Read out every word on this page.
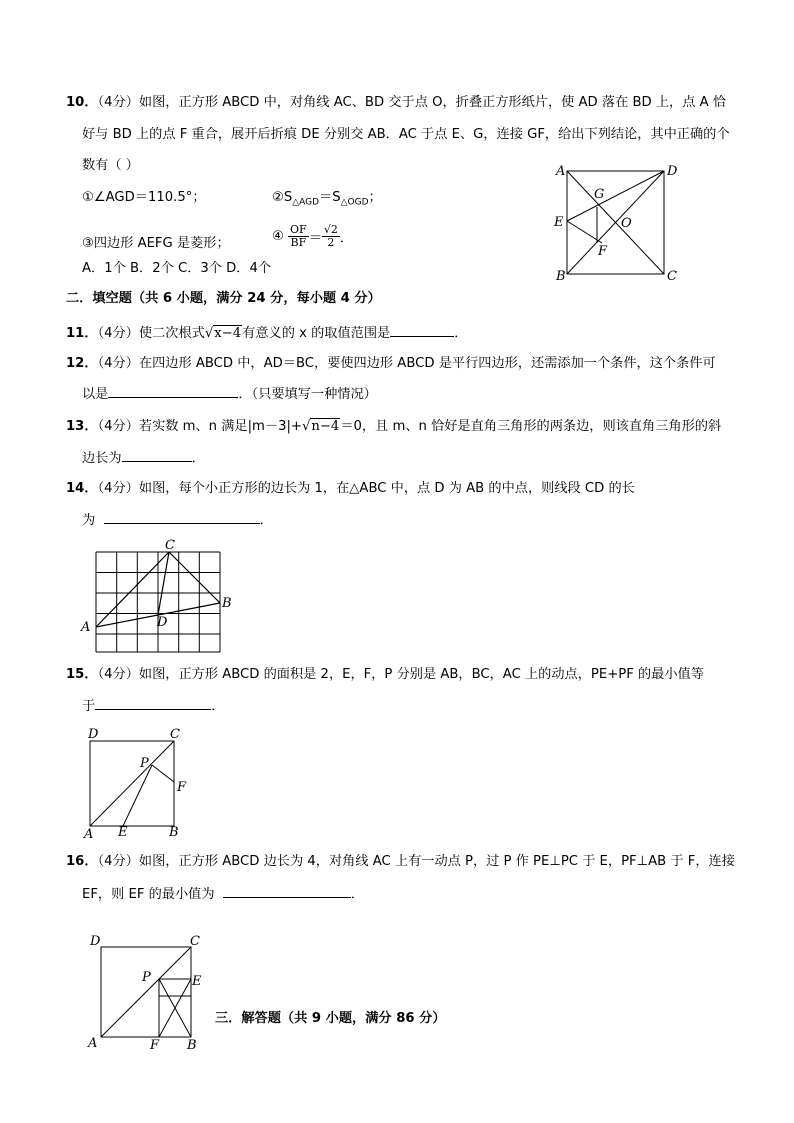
10．（4分）如图，正方形 ABCD 中，对角线 AC、BD 交于点 O，折叠正方形纸片，使 AD 落在 BD 上，点 A 恰
好与 BD 上的点 F 重合，展开后折痕 DE 分别交 AB．AC 于点 E、G，连接 GF，给出下列结论，其中正确的个
数有（ ）
①∠AGD＝110.5°；	$②S_{\triangle AGD}=S_{\triangle OGD}$；
③四边形 AEFG 是菱形；	④ $\frac{OF}{BF} = \frac{√2}{2}$ ．
A．1个 B．2个 C．3个 D．4个
A	D
B	C
E
G
O
F
二．填空题（共 6 小题，满分 24 分，每小题 4 分）
11．（4分）使二次根式√x−4有意义的 x 的取值范围是	．
12．（4分）在四边形 ABCD 中，AD＝BC，要使四边形 ABCD 是平行四边形，还需添加一个条件，这个条件可
以是	．（只要填写一种情况）
13．（4分）若实数 m、n 满足|m－3|+√n−4＝0，且 m、n 恰好是直角三角形的两条边，则该直角三角形的斜
边长为	．
14．（4分）如图，每个小正方形的边长为 1，在△ABC 中，点 D 为 AB 的中点，则线段 CD 的长
为	．
C
B
A	D
15．（4分）如图，正方形 ABCD 的面积是 2，E，F，P 分别是 AB，BC，AC 上的动点，PE+PF 的最小值等
于	．
D	C
P
F
A E	B
16．（4分）如图，正方形 ABCD 边长为 4，对角线 AC 上有一动点 P，过 P 作 PE⊥PC 于 E，PF⊥AB 于 F，连接
EF，则 EF 的最小值为	．
D	C
P	E
A	F B
三．解答题（共 9 小题，满分 86 分）
